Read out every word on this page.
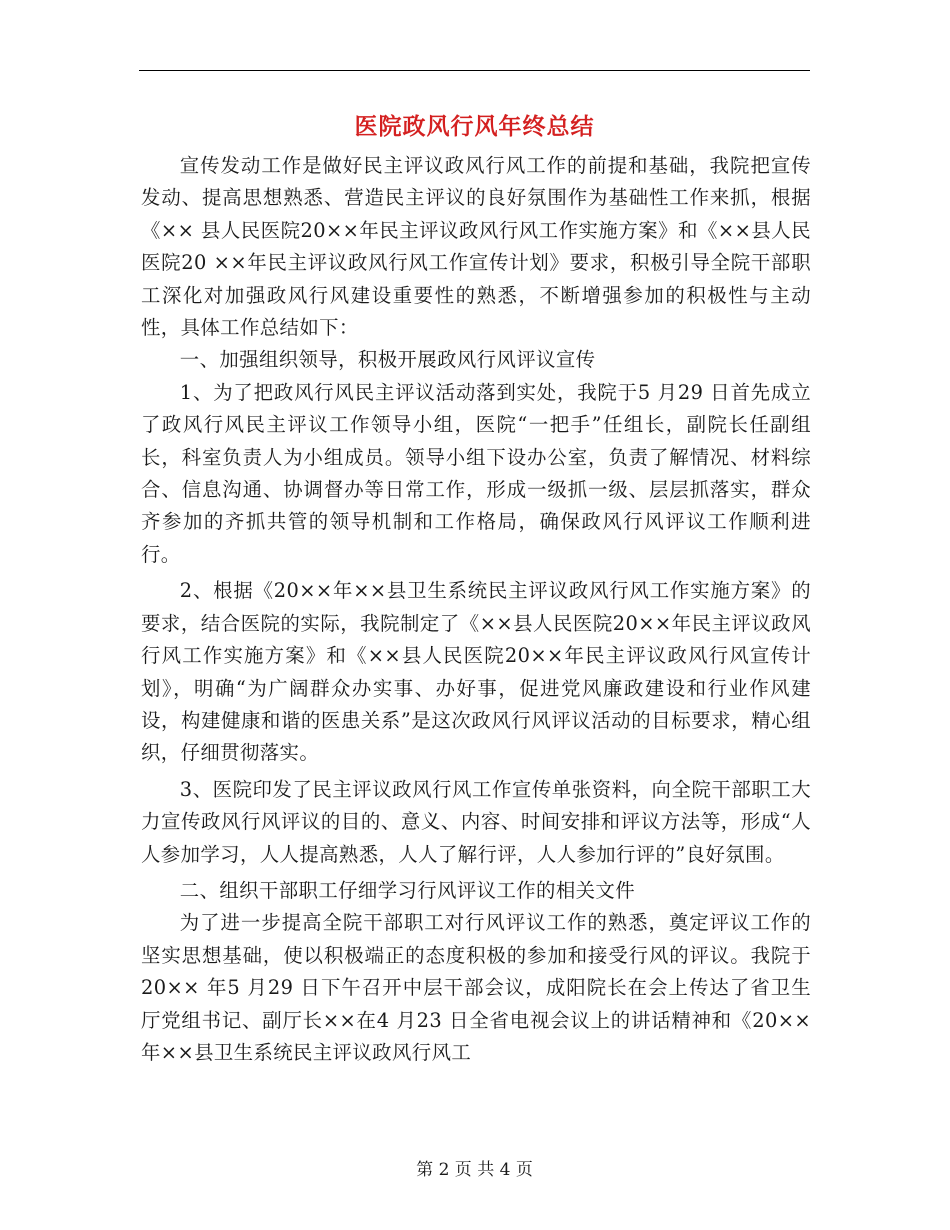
医院政风行风年终总结

宣传发动工作是做好民主评议政风行风工作的前提和基础，我院把宣传发动、提高思想熟悉、营造民主评议的良好氛围作为基础性工作来抓，根据《×× 县人民医院20××年民主评议政风行风工作实施方案》和《××县人民医院20 ××年民主评议政风行风工作宣传计划》要求，积极引导全院干部职工深化对加强政风行风建设重要性的熟悉，不断增强参加的积极性与主动性，具体工作总结如下：

一、加强组织领导，积极开展政风行风评议宣传

1、为了把政风行风民主评议活动落到实处，我院于5 月29 日首先成立了政风行风民主评议工作领导小组，医院“一把手”任组长，副院长任副组长，科室负责人为小组成员。领导小组下设办公室，负责了解情况、材料综合、信息沟通、协调督办等日常工作，形成一级抓一级、层层抓落实，群众齐参加的齐抓共管的领导机制和工作格局，确保政风行风评议工作顺利进行。

2、根据《20××年××县卫生系统民主评议政风行风工作实施方案》的要求，结合医院的实际，我院制定了《××县人民医院20××年民主评议政风行风工作实施方案》和《××县人民医院20××年民主评议政风行风宣传计划》，明确“为广阔群众办实事、办好事，促进党风廉政建设和行业作风建设，构建健康和谐的医患关系”是这次政风行风评议活动的目标要求，精心组织，仔细贯彻落实。

3、医院印发了民主评议政风行风工作宣传单张资料，向全院干部职工大力宣传政风行风评议的目的、意义、内容、时间安排和评议方法等，形成“人人参加学习，人人提高熟悉，人人了解行评，人人参加行评的”良好氛围。

二、组织干部职工仔细学习行风评议工作的相关文件

为了进一步提高全院干部职工对行风评议工作的熟悉，奠定评议工作的坚实思想基础，使以积极端正的态度积极的参加和接受行风的评议。我院于20×× 年5 月29 日下午召开中层干部会议，成阳院长在会上传达了省卫生厅党组书记、副厅长××在4 月23 日全省电视会议上的讲话精神和《20××年××县卫生系统民主评议政风行风工

第 2 页 共 4 页
